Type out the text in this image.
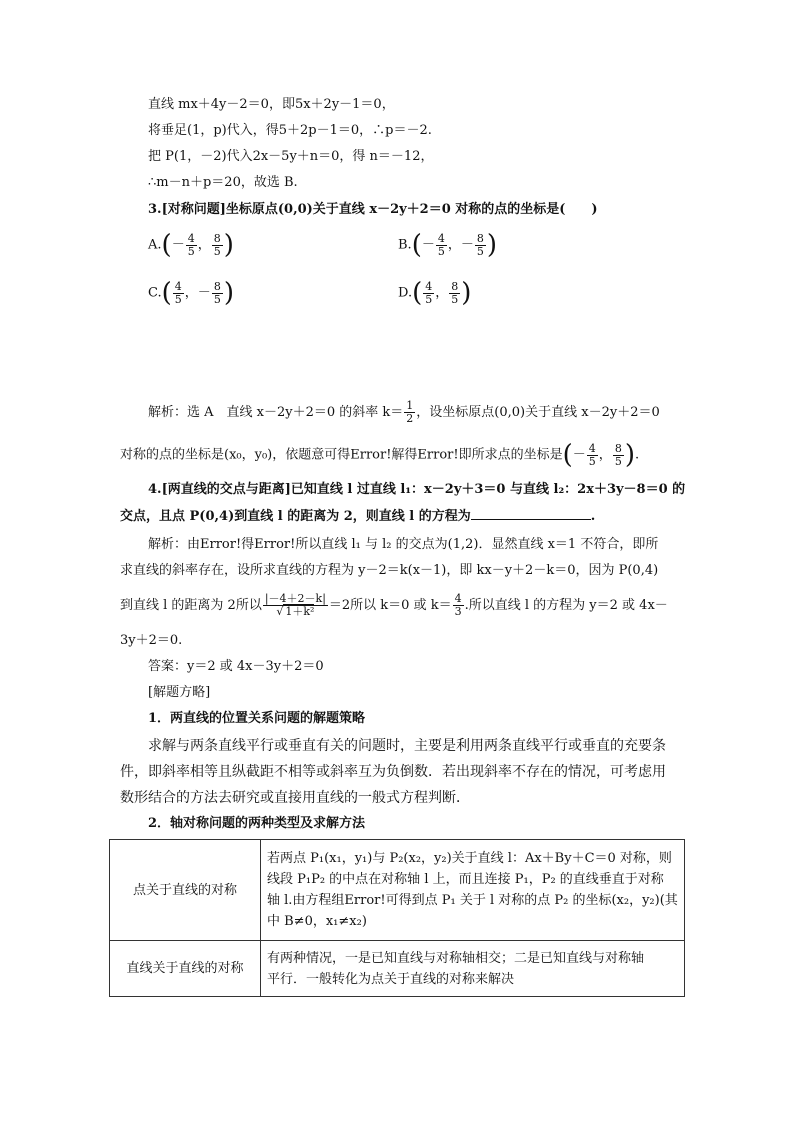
直线 mx＋4y－2＝0，即5x＋2y－1＝0，
将垂足(1，p)代入，得5＋2p－1＝0，∴p＝－2.
把 P(1，－2)代入2x－5y＋n＝0，得 n＝－12，
∴m－n＋p＝20，故选 B.
3.[对称问题]坐标原点(0,0)关于直线 x－2y＋2＝0 对称的点的坐标是(　　)
$A.(- \frac{4}{5}$ ， $\frac{8}{5}$ )	$B.(- \frac{4}{5}$ ，－ $\frac{8}{5}$ )
$C.( \frac{4}{5}$ ，－ $\frac{8}{5}$ )	$D.( \frac{4}{5}$ ， $\frac{8}{5}$ )
解析：选 A　直线 x－2y＋2＝0 的斜率 $k= \frac{1}{2}$ ，设坐标原点(0,0)关于直线 x－2y＋2＝0
对称的点的坐标是(x₀，y₀)，依题意可得Error!解得Error!即所求点的坐标是(－ $\frac{4}{5}$ ， $\frac{8}{5}$ ).
4.[两直线的交点与距离]已知直线 l 过直线 l₁：x－2y＋3＝0 与直线 l₂：2x＋3y－8＝0 的
交点，且点 P(0,4)到直线 l 的距离为 2，则直线 l 的方程为	.
解析：由Error!得Error!所以直线 l₁ 与 l₂ 的交点为(1,2)．显然直线 x＝1 不符合，即所
求直线的斜率存在，设所求直线的方程为 y－2＝k(x－1)，即 kx－y＋2－k＝0，因为 P(0,4)
到直线 l 的距离为 2所以 $\frac{|-4+2-k|}{\text{√ 1＋k²}} =2$所以 k＝0 或 $k= \frac{4}{3}$ .所以直线 l 的方程为 y＝2 或 4x－
3y＋2＝0.
答案：y＝2 或 4x－3y＋2＝0
[解题方略]
1．两直线的位置关系问题的解题策略
求解与两条直线平行或垂直有关的问题时，主要是利用两条直线平行或垂直的充要条
件，即斜率相等且纵截距不相等或斜率互为负倒数．若出现斜率不存在的情况，可考虑用
数形结合的方法去研究或直接用直线的一般式方程判断．
2．轴对称问题的两种类型及求解方法
点关于直线的对称	若两点 P₁(x₁，y₁)与 P₂(x₂，y₂)关于直线 l：Ax＋By＋C＝0 对称，则
线段 P₁P₂ 的中点在对称轴 l 上，而且连接 P₁，P₂ 的直线垂直于对称
轴 l.由方程组Error!可得到点 P₁ 关于 l 对称的点 P₂ 的坐标(x₂，y₂)(其
中 B≠0，x₁≠x₂)

直线关于直线的对称	有两种情况，一是已知直线与对称轴相交；二是已知直线与对称轴
平行．一般转化为点关于直线的对称来解决
